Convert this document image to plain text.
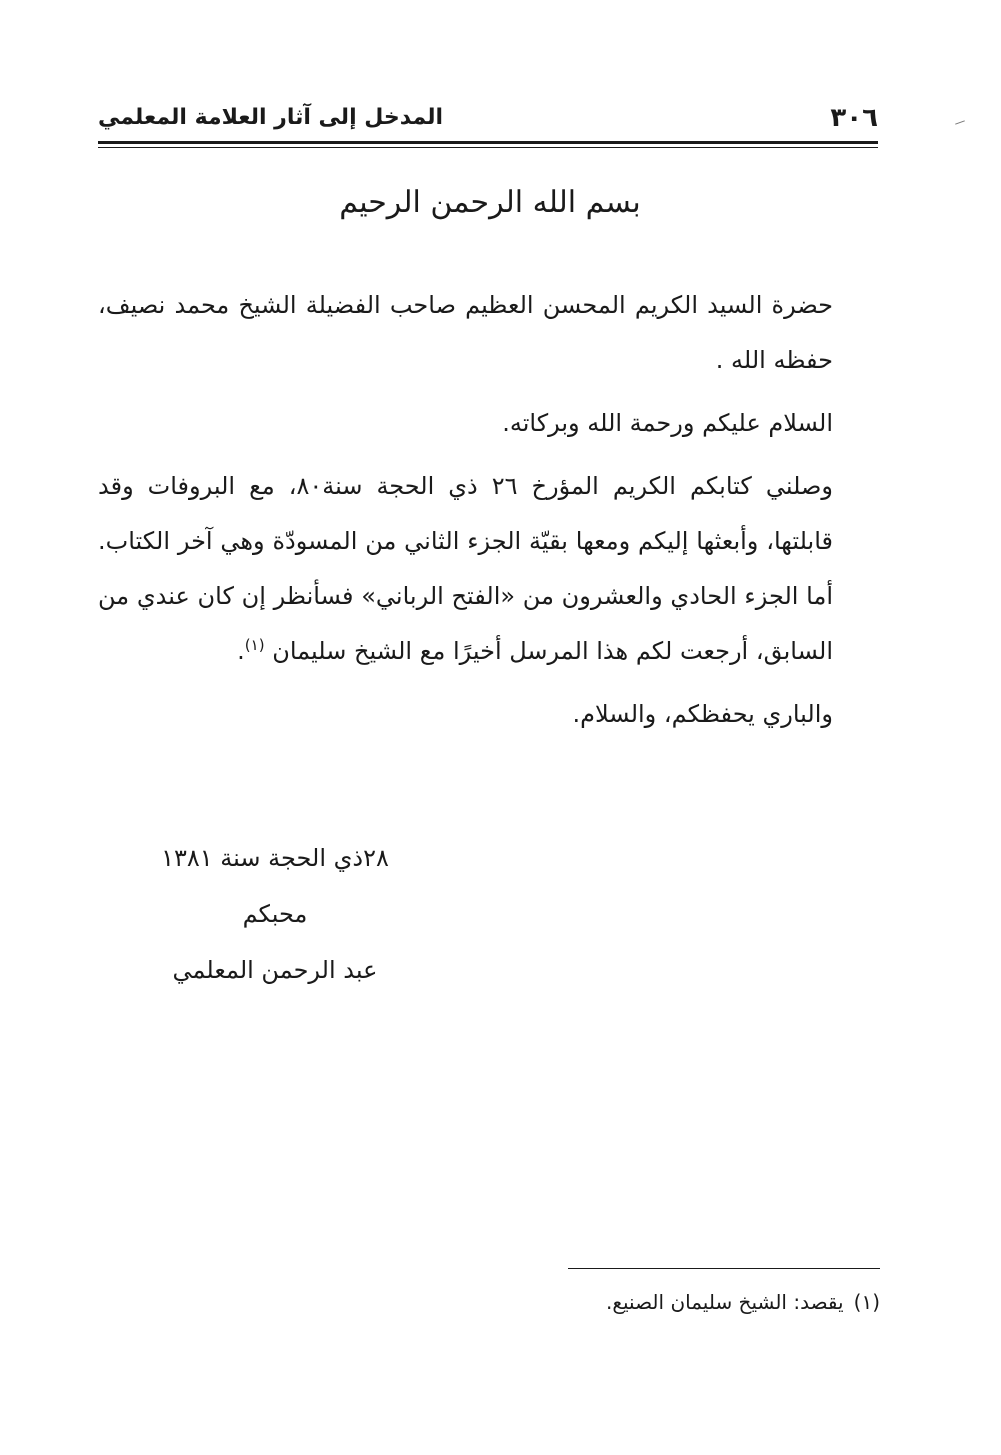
٣٠٦
المدخل إلى آثار العلامة المعلمي
بسم الله الرحمن الرحيم

حضرة السيد الكريم المحسن العظيم صاحب الفضيلة الشيخ محمد نصيف، حفظه الله .

السلام عليكم ورحمة الله وبركاته.

وصلني كتابكم الكريم المؤرخ ٢٦ ذي الحجة سنة٨٠، مع البروفات وقد قابلتها، وأبعثها إليكم ومعها بقيّة الجزء الثاني من المسودّة وهي آخر الكتاب. أما الجزء الحادي والعشرون من «الفتح الرباني» فسأنظر إن كان عندي من السابق، أرجعت لكم هذا المرسل أخيرًا مع الشيخ سليمان $^{(١)}$.

والباري يحفظكم، والسلام.

٢٨ذي الحجة سنة ١٣٨١
محبكم
عبد الرحمن المعلمي
(١)يقصد: الشيخ سليمان الصنيع.
